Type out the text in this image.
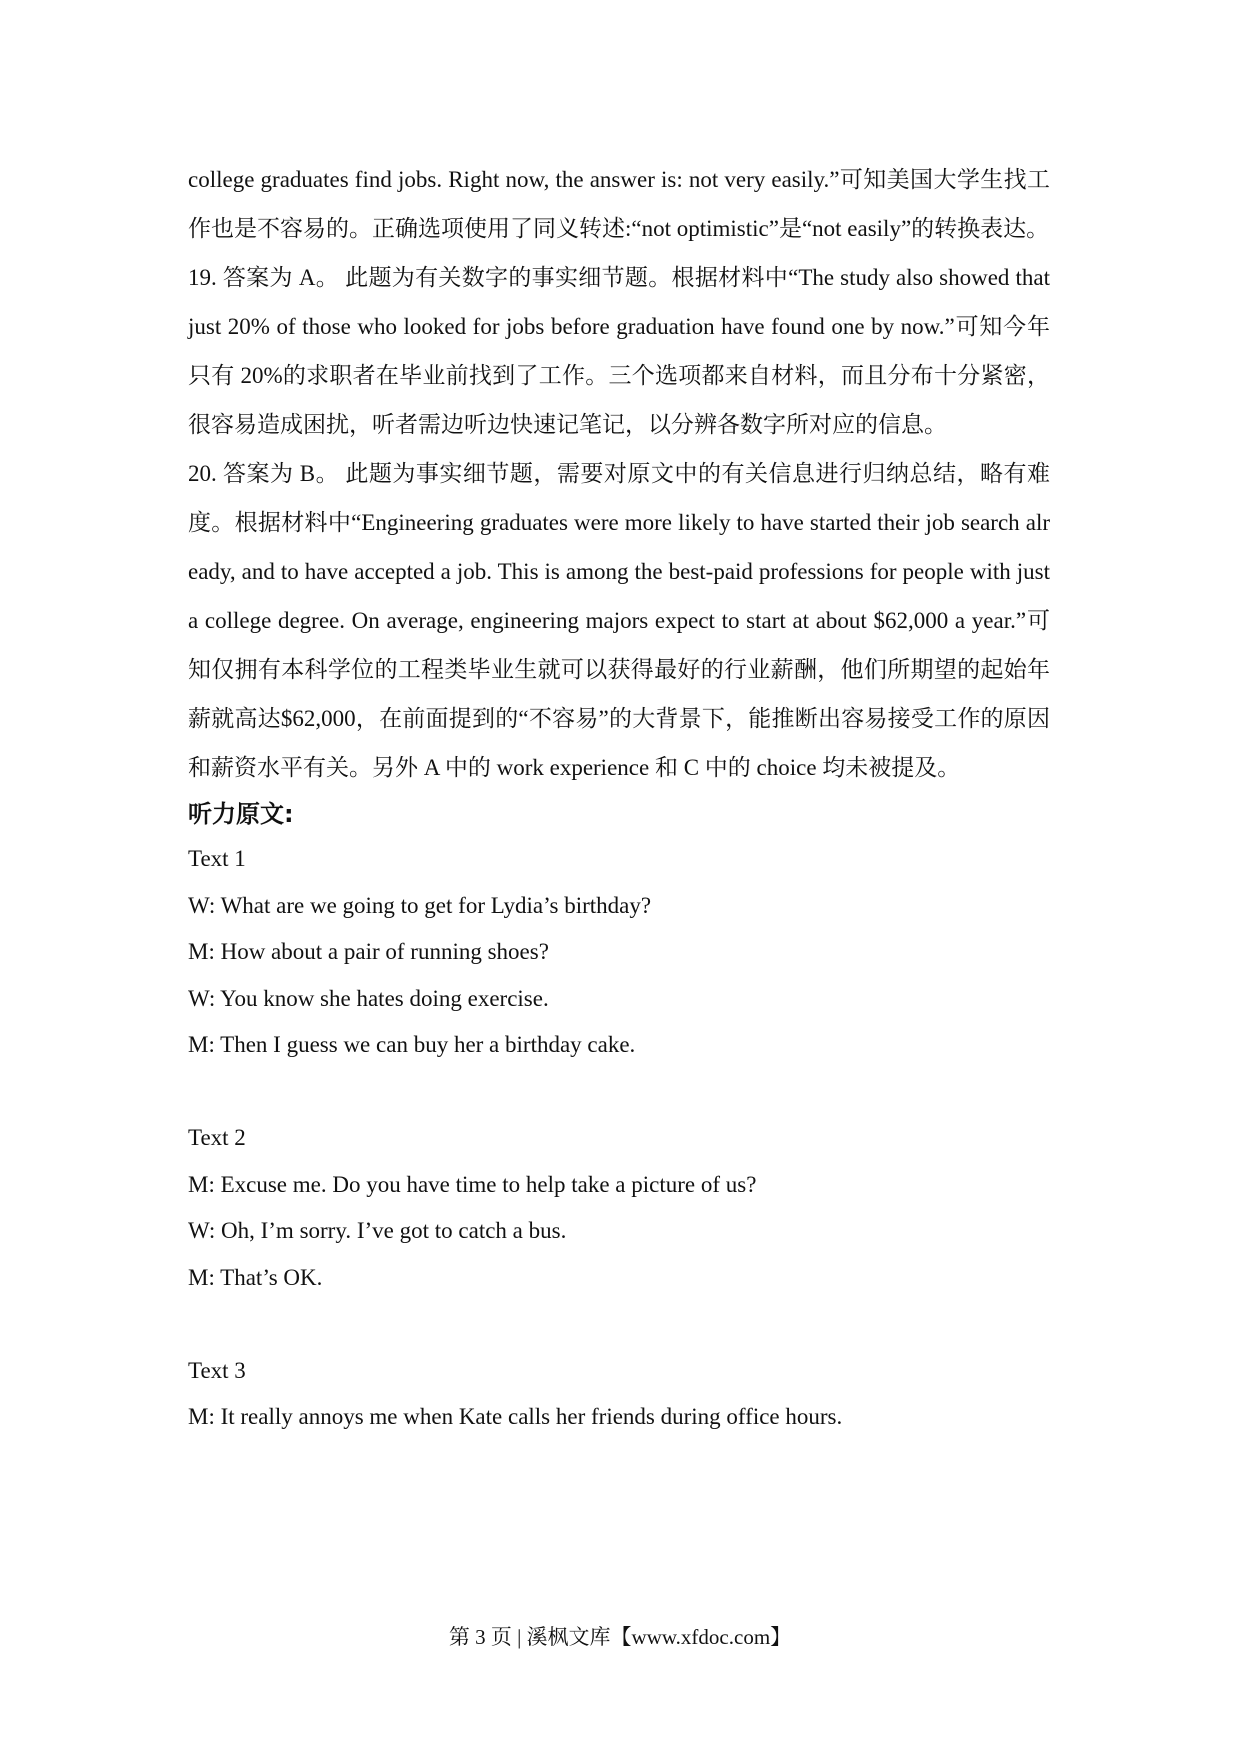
college graduates find jobs. Right now, the answer is: not very easily.”可知美国大学生找工作也是不容易的。正确选项使用了同义转述:“not optimistic”是“not easily”的转换表达。

19. 答案为 A。 此题为有关数字的事实细节题。根据材料中“The study also showed that just 20% of those who looked for jobs before graduation have found one by now.”可知今年只有 20%的求职者在毕业前找到了工作。三个选项都来自材料，而且分布十分紧密，很容易造成困扰，听者需边听边快速记笔记，以分辨各数字所对应的信息。

20. 答案为 B。 此题为事实细节题，需要对原文中的有关信息进行归纳总结，略有难度。根据材料中“Engineering graduates were more likely to have started their job search already, and to have accepted a job. This is among the best-paid professions for people with just a college degree. On average, engineering majors expect to start at about $62,000 a year.”可知仅拥有本科学位的工程类毕业生就可以获得最好的行业薪酬，他们所期望的起始年薪就高达$62,000，在前面提到的“不容易”的大背景下，能推断出容易接受工作的原因和薪资水平有关。另外 A 中的 work experience 和 C 中的 choice 均未被提及。

听力原文:

Text 1

W: What are we going to get for Lydia’s birthday?

M: How about a pair of running shoes?

W: You know she hates doing exercise.

M: Then I guess we can buy her a birthday cake.

Text 2

M: Excuse me. Do you have time to help take a picture of us?

W: Oh, I’m sorry. I’ve got to catch a bus.

M: That’s OK.

Text 3

M: It really annoys me when Kate calls her friends during office hours.

第 3 页 | 溪枫文库【www.xfdoc.com】
